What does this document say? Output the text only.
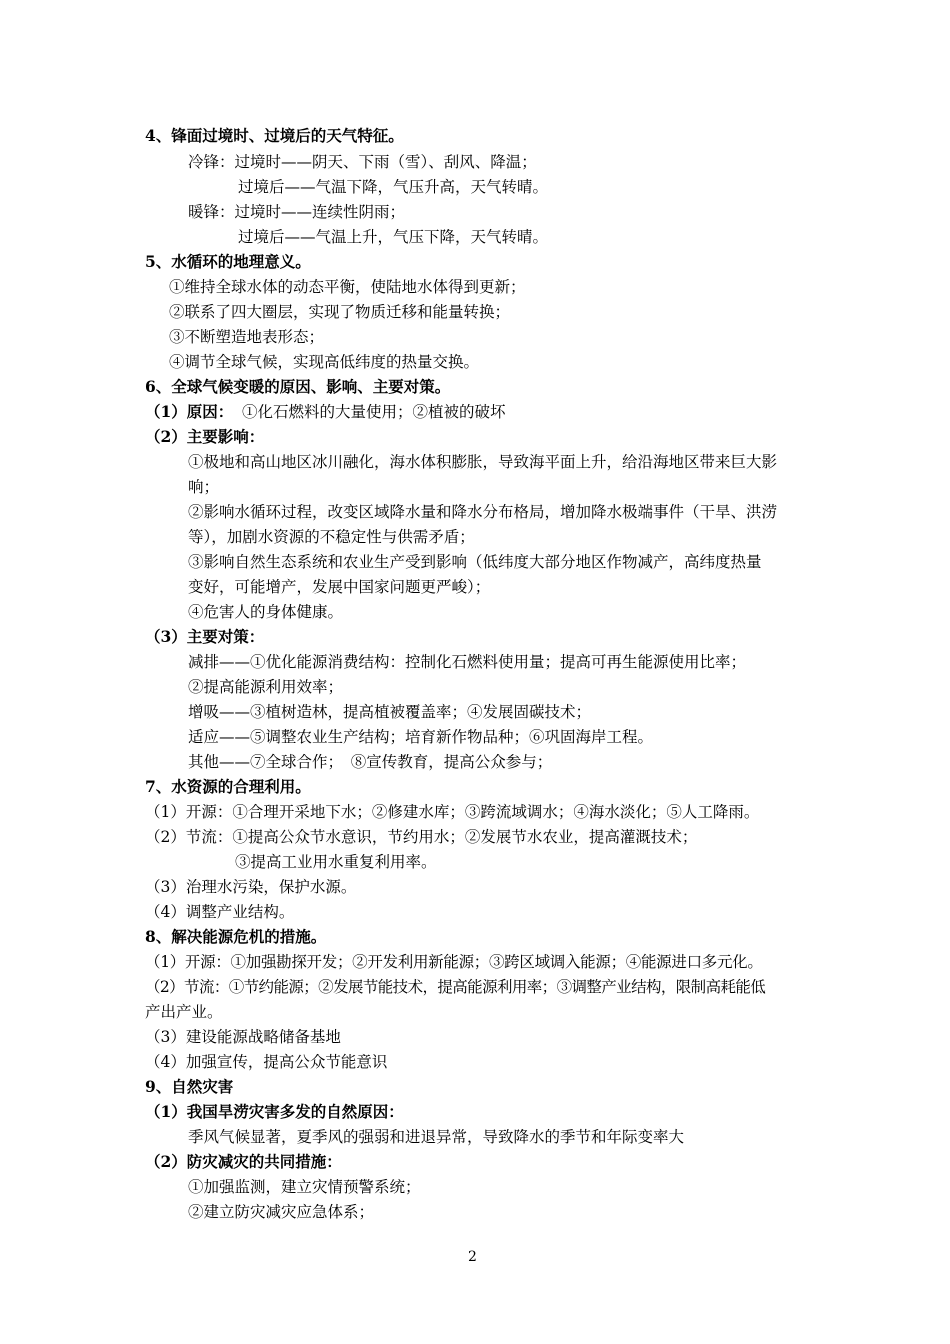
4、锋面过境时、过境后的天气特征。
冷锋：过境时——阴天、下雨（雪）、刮风、降温；
过境后——气温下降，气压升高，天气转晴。
暖锋：过境时——连续性阴雨；
过境后——气温上升，气压下降，天气转晴。
5、水循环的地理意义。
①维持全球水体的动态平衡，使陆地水体得到更新；
②联系了四大圈层，实现了物质迁移和能量转换；
③不断塑造地表形态；
④调节全球气候，实现高低纬度的热量交换。
6、全球气候变暖的原因、影响、主要对策。
（1）原因： ①化石燃料的大量使用；②植被的破坏
（2）主要影响：
①极地和高山地区冰川融化，海水体积膨胀，导致海平面上升，给沿海地区带来巨大影
响；
②影响水循环过程，改变区域降水量和降水分布格局，增加降水极端事件（干旱、洪涝
等），加剧水资源的不稳定性与供需矛盾；
③影响自然生态系统和农业生产受到影响（低纬度大部分地区作物减产，高纬度热量
变好，可能增产，发展中国家问题更严峻）；
④危害人的身体健康。
（3）主要对策：
减排——①优化能源消费结构：控制化石燃料使用量；提高可再生能源使用比率；
②提高能源利用效率；
增吸——③植树造林，提高植被覆盖率；④发展固碳技术；
适应——⑤调整农业生产结构；培育新作物品种；⑥巩固海岸工程。
其他——⑦全球合作；　⑧宣传教育，提高公众参与；
7、水资源的合理利用。
（1）开源：①合理开采地下水；②修建水库；③跨流域调水；④海水淡化；⑤人工降雨。
（2）节流：①提高公众节水意识，节约用水；②发展节水农业，提高灌溉技术；
③提高工业用水重复利用率。
（3）治理水污染，保护水源。
（4）调整产业结构。
8、解决能源危机的措施。
（1）开源：①加强勘探开发；②开发利用新能源；③跨区域调入能源；④能源进口多元化。
（2）节流：①节约能源；②发展节能技术，提高能源利用率；③调整产业结构，限制高耗能低
产出产业。
（3）建设能源战略储备基地
（4）加强宣传，提高公众节能意识
9、自然灾害
（1）我国旱涝灾害多发的自然原因：
季风气候显著，夏季风的强弱和进退异常，导致降水的季节和年际变率大
（2）防灾减灾的共同措施：
①加强监测，建立灾情预警系统；
②建立防灾减灾应急体系；
2
